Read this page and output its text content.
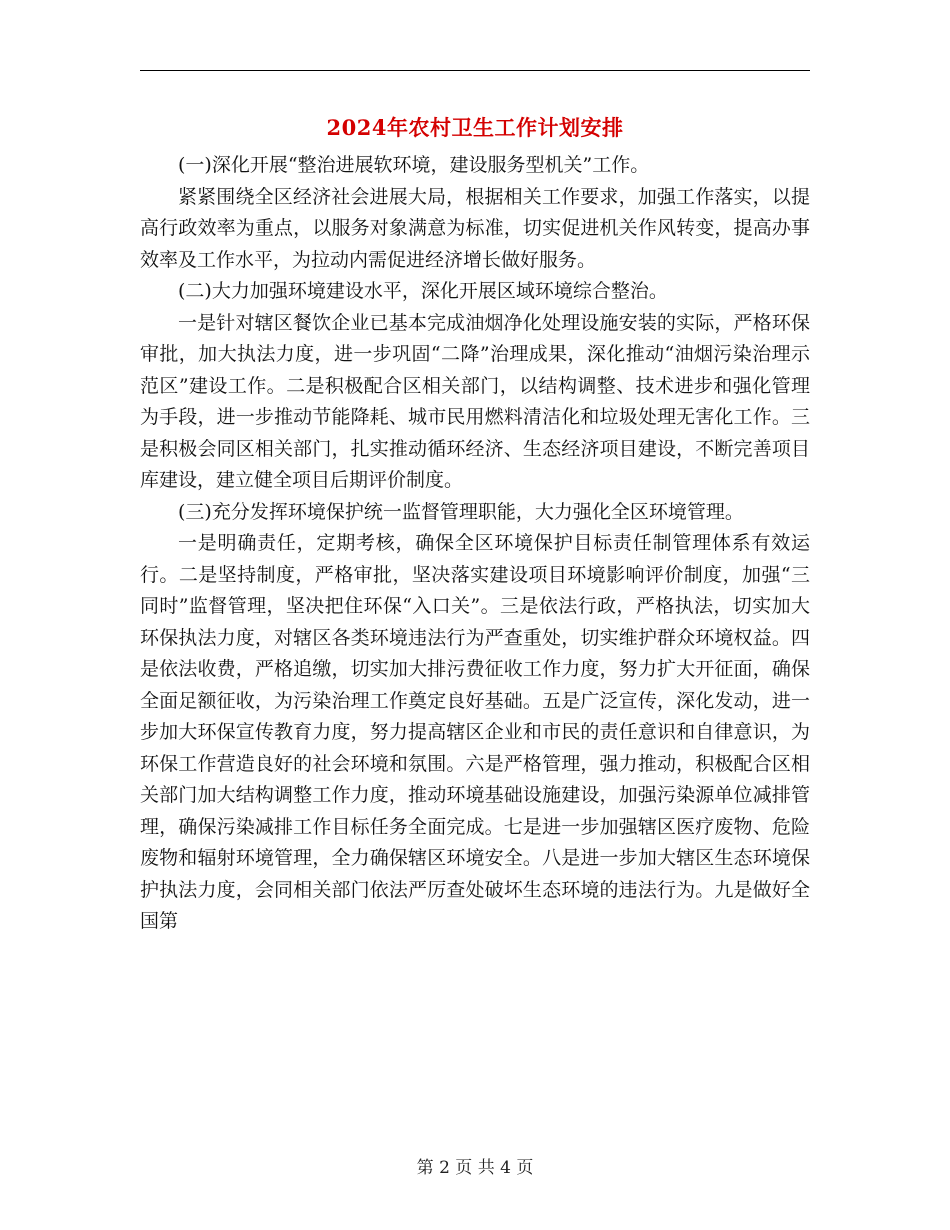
2024年农村卫生工作计划安排

(一)深化开展“整治进展软环境，建设服务型机关”工作。

紧紧围绕全区经济社会进展大局，根据相关工作要求，加强工作落实，以提高行政效率为重点，以服务对象满意为标准，切实促进机关作风转变，提高办事效率及工作水平，为拉动内需促进经济增长做好服务。

(二)大力加强环境建设水平，深化开展区域环境综合整治。

一是针对辖区餐饮企业已基本完成油烟净化处理设施安装的实际，严格环保审批，加大执法力度，进一步巩固“二降”治理成果，深化推动“油烟污染治理示范区”建设工作。二是积极配合区相关部门，以结构调整、技术进步和强化管理为手段，进一步推动节能降耗、城市民用燃料清洁化和垃圾处理无害化工作。三是积极会同区相关部门，扎实推动循环经济、生态经济项目建设，不断完善项目库建设，建立健全项目后期评价制度。

(三)充分发挥环境保护统一监督管理职能，大力强化全区环境管理。

一是明确责任，定期考核，确保全区环境保护目标责任制管理体系有效运行。二是坚持制度，严格审批，坚决落实建设项目环境影响评价制度，加强“三同时”监督管理，坚决把住环保“入口关”。三是依法行政，严格执法，切实加大环保执法力度，对辖区各类环境违法行为严查重处，切实维护群众环境权益。四是依法收费，严格追缴，切实加大排污费征收工作力度，努力扩大开征面，确保全面足额征收，为污染治理工作奠定良好基础。五是广泛宣传，深化发动，进一步加大环保宣传教育力度，努力提高辖区企业和市民的责任意识和自律意识，为环保工作营造良好的社会环境和氛围。六是严格管理，强力推动，积极配合区相关部门加大结构调整工作力度，推动环境基础设施建设，加强污染源单位减排管理，确保污染减排工作目标任务全面完成。七是进一步加强辖区医疗废物、危险废物和辐射环境管理，全力确保辖区环境安全。八是进一步加大辖区生态环境保护执法力度，会同相关部门依法严厉查处破坏生态环境的违法行为。九是做好全国第

第 2 页 共 4 页
